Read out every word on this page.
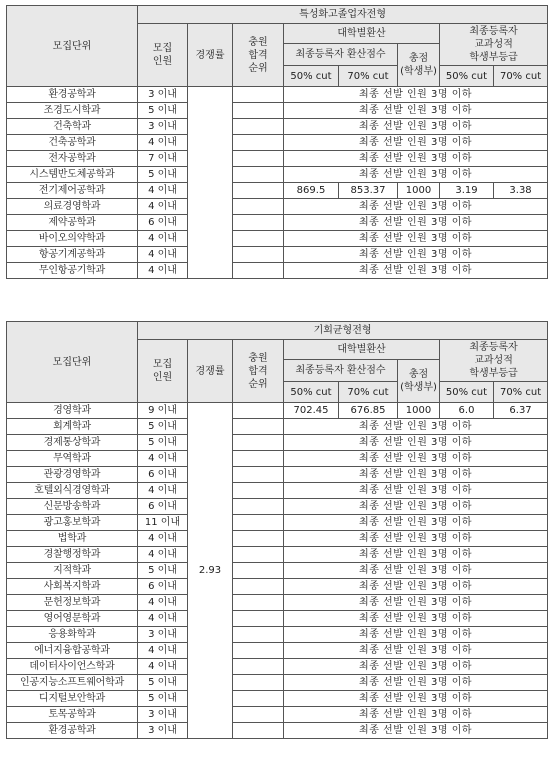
모집단위	특성화고졸업자전형							

	모집
인원	경쟁률	충원
합격
순위	대학별환산			최종등록자
교과성적
학생부등급	

				최종등록자 환산점수		총점
(학생부)		

				50% cut	70% cut		50% cut	70% cut
환경공학과	3 이내			최종 선발 인원 3명 이하				
조경도시학과	5 이내			최종 선발 인원 3명 이하				
건축학과	3 이내			최종 선발 인원 3명 이하				
건축공학과	4 이내			최종 선발 인원 3명 이하				
전자공학과	7 이내			최종 선발 인원 3명 이하				
시스템반도체공학과	5 이내			최종 선발 인원 3명 이하				
전기제어공학과	4 이내			869.5	853.37	1000	3.19	3.38
의료경영학과	4 이내			최종 선발 인원 3명 이하				
제약공학과	6 이내			최종 선발 인원 3명 이하				
바이오의약학과	4 이내			최종 선발 인원 3명 이하				
항공기계공학과	4 이내			최종 선발 인원 3명 이하				
무인항공기학과	4 이내			최종 선발 인원 3명 이하				
모집단위	기회균형전형							

	모집
인원	경쟁률	충원
합격
순위	대학별환산			최종등록자
교과성적
학생부등급	

				최종등록자 환산점수		총점
(학생부)		

				50% cut	70% cut		50% cut	70% cut
경영학과	9 이내	2.93		702.45	676.85	1000	6.0	6.37
회계학과	5 이내			최종 선발 인원 3명 이하				
경제통상학과	5 이내			최종 선발 인원 3명 이하				
무역학과	4 이내			최종 선발 인원 3명 이하				
관광경영학과	6 이내			최종 선발 인원 3명 이하				
호텔외식경영학과	4 이내			최종 선발 인원 3명 이하				
신문방송학과	6 이내			최종 선발 인원 3명 이하				
광고홍보학과	11 이내			최종 선발 인원 3명 이하				
법학과	4 이내			최종 선발 인원 3명 이하				
경찰행정학과	4 이내			최종 선발 인원 3명 이하				
지적학과	5 이내			최종 선발 인원 3명 이하				
사회복지학과	6 이내			최종 선발 인원 3명 이하				
문헌정보학과	4 이내			최종 선발 인원 3명 이하				
영어영문학과	4 이내			최종 선발 인원 3명 이하				
응용화학과	3 이내			최종 선발 인원 3명 이하				
에너지융합공학과	4 이내			최종 선발 인원 3명 이하				
데이터사이언스학과	4 이내			최종 선발 인원 3명 이하				
인공지능소프트웨어학과	5 이내			최종 선발 인원 3명 이하				
디지털보안학과	5 이내			최종 선발 인원 3명 이하				
토목공학과	3 이내			최종 선발 인원 3명 이하				
환경공학과	3 이내			최종 선발 인원 3명 이하				
